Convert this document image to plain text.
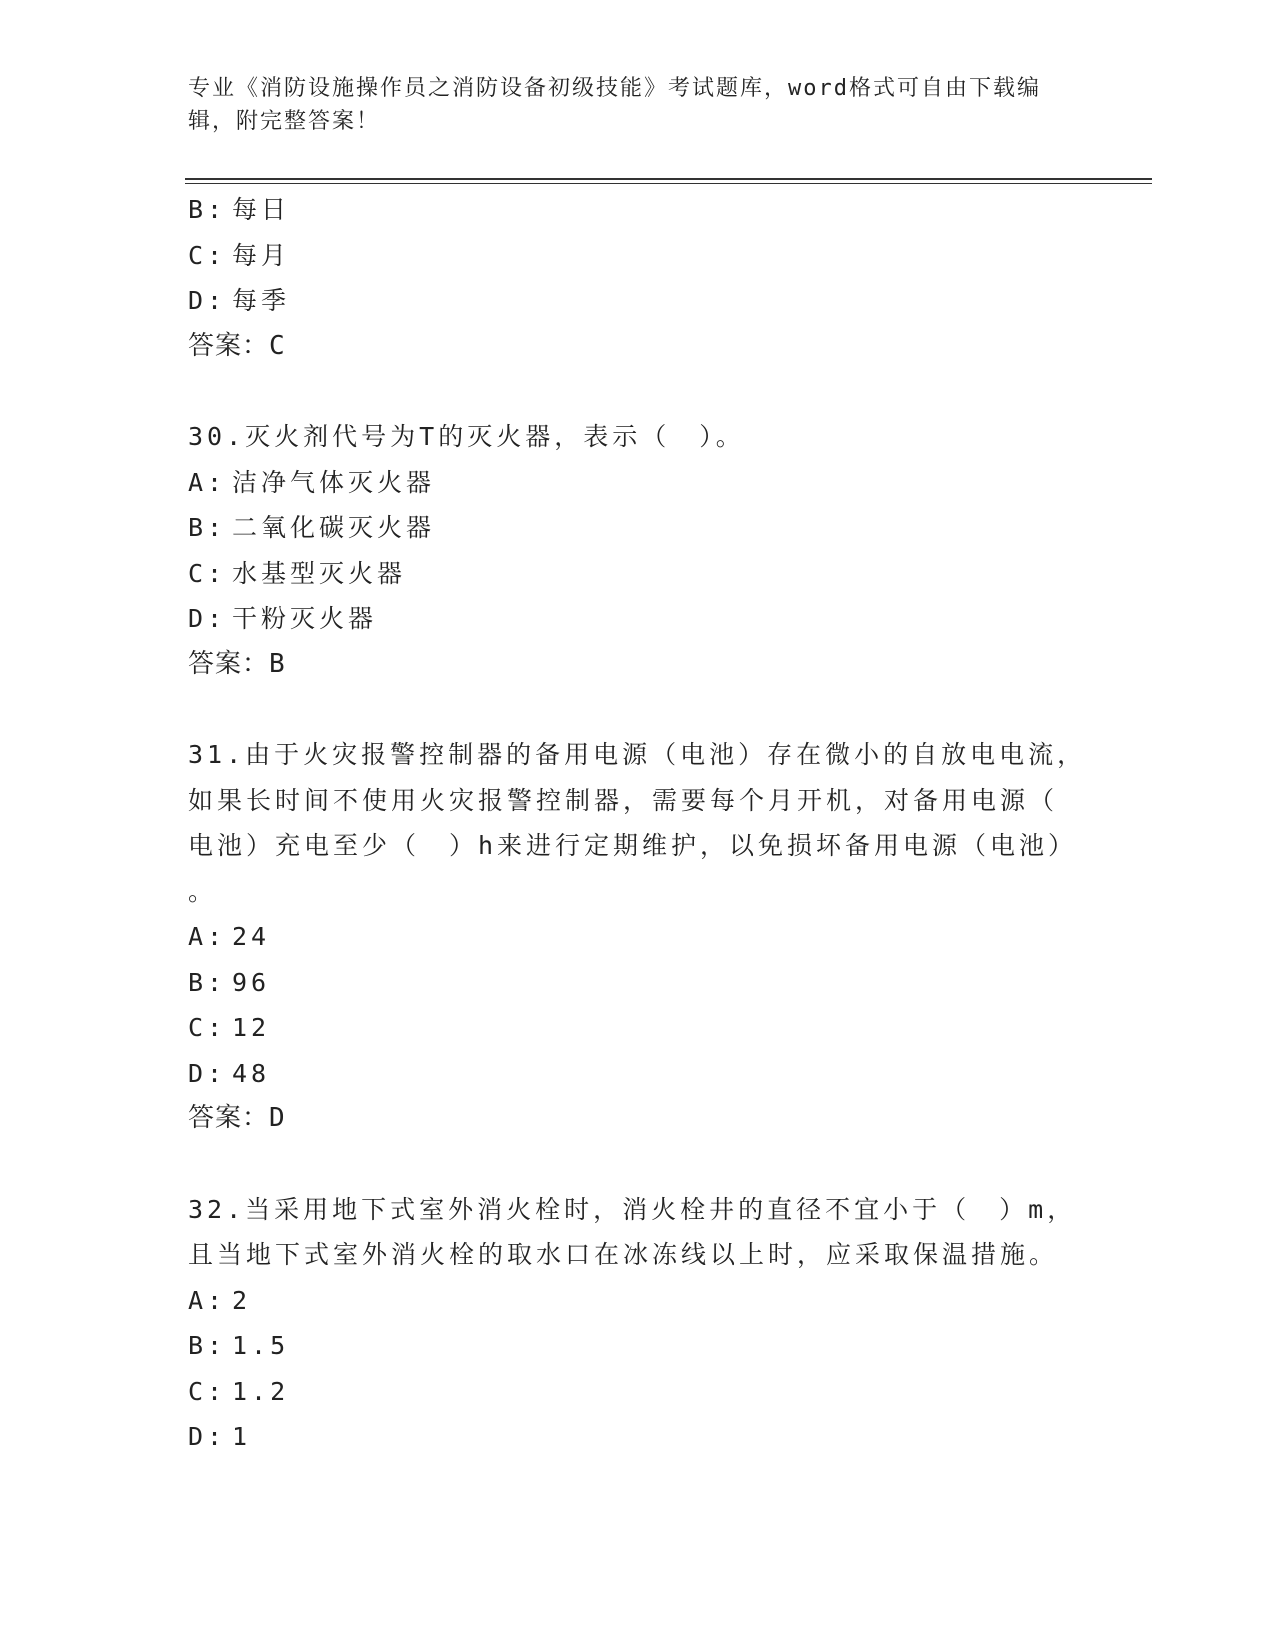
专业《消防设施操作员之消防设备初级技能》考试题库，word格式可自由下载编
辑，附完整答案！
B: 每日
C: 每月
D: 每季
答案：C
30.灭火剂代号为T的灭火器，表示（　）。
A: 洁净气体灭火器
B: 二氧化碳灭火器
C: 水基型灭火器
D: 干粉灭火器
答案：B
31.由于火灾报警控制器的备用电源（电池）存在微小的自放电电流，
如果长时间不使用火灾报警控制器，需要每个月开机，对备用电源（
电池）充电至少（　）h来进行定期维护，以免损坏备用电源（电池）
。
A: 24
B: 96
C: 12
D: 48
答案：D
32.当采用地下式室外消火栓时，消火栓井的直径不宜小于（　）m，
且当地下式室外消火栓的取水口在冰冻线以上时，应采取保温措施。
A: 2
B: 1.5
C: 1.2
D: 1
